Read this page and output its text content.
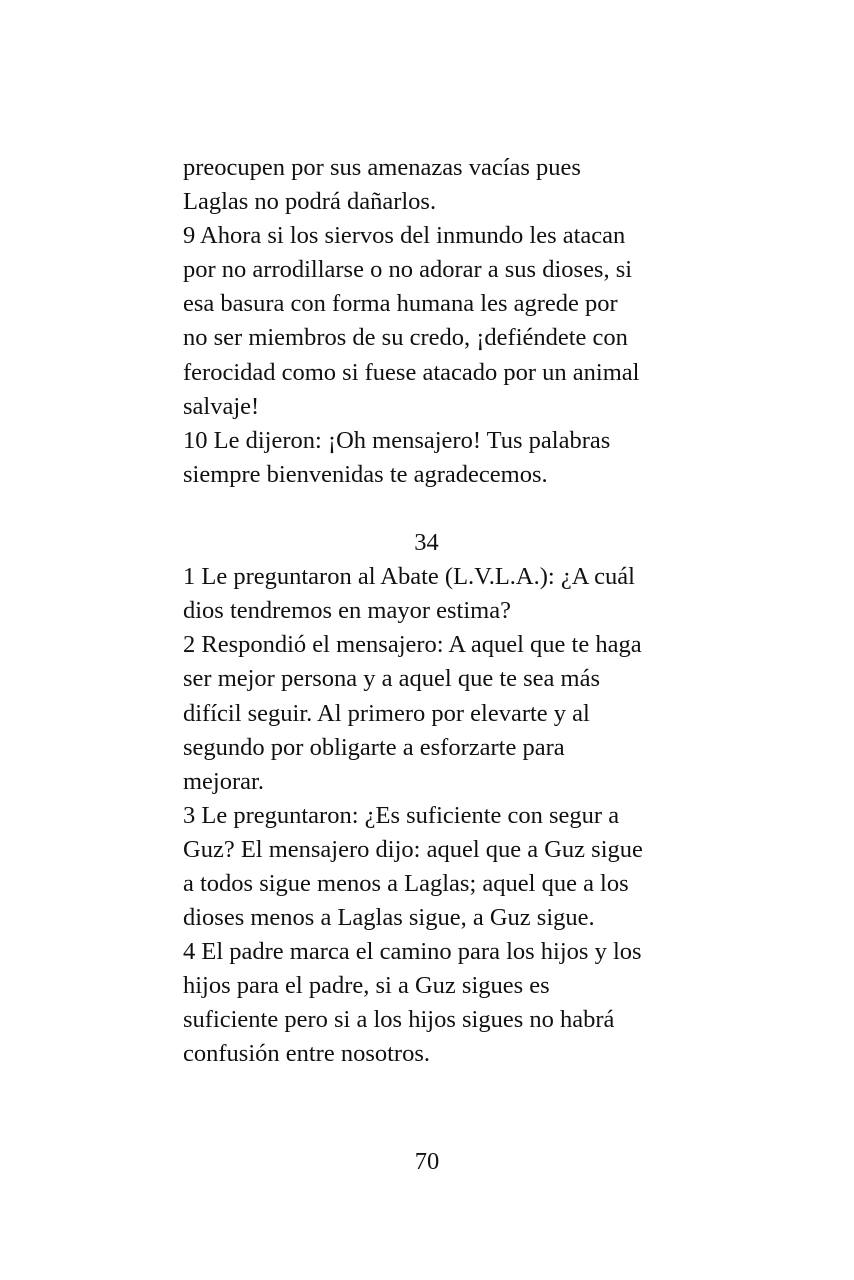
preocupen por sus amenazas vacías pues
Laglas no podrá dañarlos.
9 Ahora si los siervos del inmundo les atacan
por no arrodillarse o no adorar a sus dioses, si
esa basura con forma humana les agrede por
no ser miembros de su credo, ¡defiéndete con
ferocidad como si fuese atacado por un animal
salvaje!
10 Le dijeron: ¡Oh mensajero! Tus palabras
siempre bienvenidas te agradecemos.
34
1 Le preguntaron al Abate (L.V.L.A.): ¿A cuál
dios tendremos en mayor estima?
2 Respondió el mensajero: A aquel que te haga
ser mejor persona y a aquel que te sea más
difícil seguir. Al primero por elevarte y al
segundo por obligarte a esforzarte para
mejorar.
3 Le preguntaron: ¿Es suficiente con segur a
Guz? El mensajero dijo: aquel que a Guz sigue
a todos sigue menos a Laglas; aquel que a los
dioses menos a Laglas sigue, a Guz sigue.
4 El padre marca el camino para los hijos y los
hijos para el padre, si a Guz sigues es
suficiente pero si a los hijos sigues no habrá
confusión entre nosotros.
70
